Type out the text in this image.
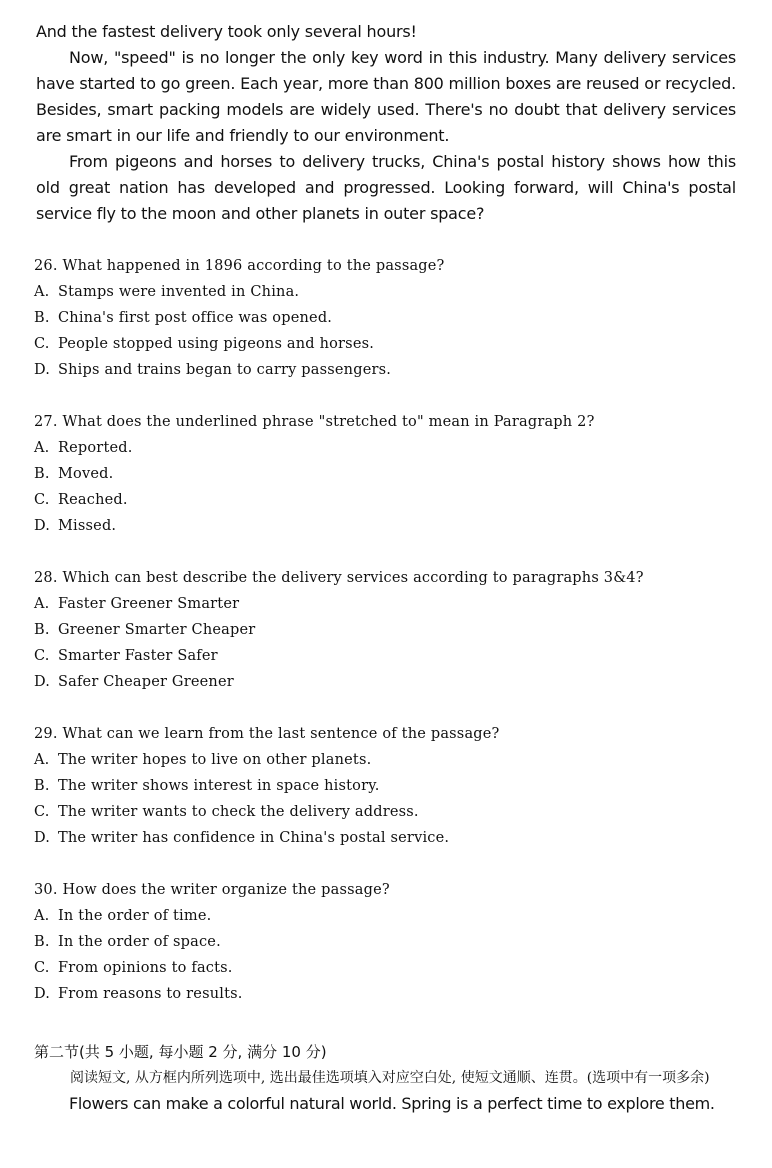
And the fastest delivery took only several hours!

Now, "speed" is no longer the only key word in this industry. Many delivery services have started to go green. Each year, more than 800 million boxes are reused or recycled. Besides, smart packing models are widely used. There's no doubt that delivery services are smart in our life and friendly to our environment.

From pigeons and horses to delivery trucks, China's postal history shows how this old great nation has developed and progressed. Looking forward, will China's postal service fly to the moon and other planets in outer space?

26. What happened in 1896 according to the passage?
A. Stamps were invented in China.
B. China's first post office was opened.
C. People stopped using pigeons and horses.
D. Ships and trains began to carry passengers.
27. What does the underlined phrase "stretched to" mean in Paragraph 2?
A. Reported.
B. Moved.
C. Reached.
D. Missed.
28. Which can best describe the delivery services according to paragraphs 3&4?
A. Faster Greener Smarter
B. Greener Smarter Cheaper
C. Smarter Faster Safer
D. Safer Cheaper Greener
29. What can we learn from the last sentence of the passage?
A. The writer hopes to live on other planets.
B. The writer shows interest in space history.
C. The writer wants to check the delivery address.
D. The writer has confidence in China's postal service.
30. How does the writer organize the passage?
A. In the order of time.
B. In the order of space.
C. From opinions to facts.
D. From reasons to results.
第二节(共 5 小题, 每小题 2 分, 满分 10 分)
阅读短文, 从方框内所列选项中, 选出最佳选项填入对应空白处, 使短文通顺、连贯。(选项中有一项多余)
Flowers can make a colorful natural world. Spring is a perfect time to explore them.
